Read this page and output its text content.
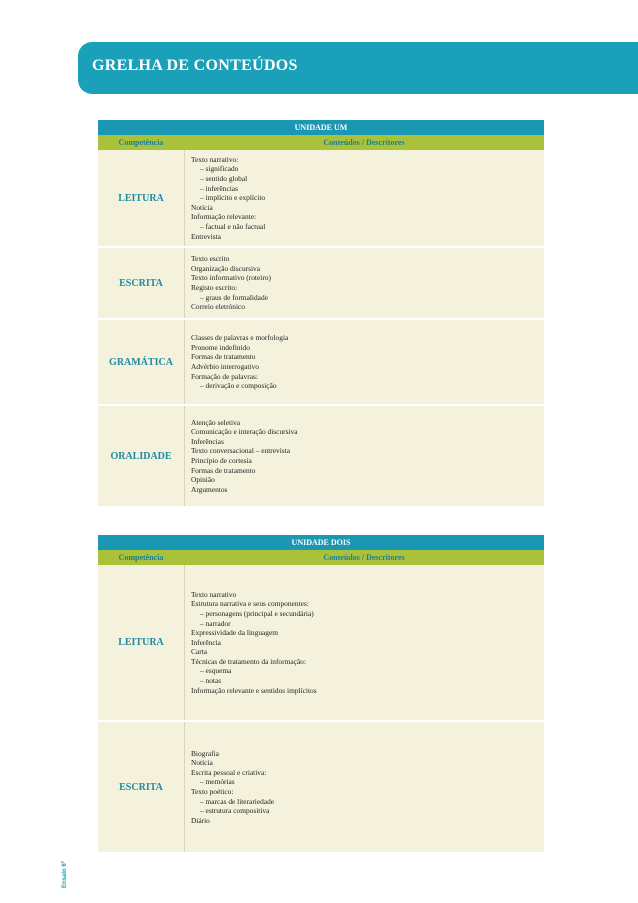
GRELHA DE CONTEÚDOS
UNIDADE UM
Competência	Conteúdos / Descritores
LEITURA
Texto narrativo:
– significado
– sentido global
– inferências
– implícito e explícito
Notícia
Informação relevante:
– factual e não factual
Entrevista
ESCRITA
Texto escrito
Organização discursiva
Texto informativo (roteiro)
Registo escrito:
– graus de formalidade
Correio eletrónico
GRAMÁTICA
Classes de palavras e morfologia
Pronome indefinido
Formas de tratamento
Advérbio interrogativo
Formação de palavras:
– derivação e composição
ORALIDADE
Atenção seletiva
Comunicação e interação discursiva
Inferências
Texto conversacional – entrevista
Princípio de cortesia
Formas de tratamento
Opinião
Argumentos
UNIDADE DOIS
Competência	Conteúdos / Descritores
LEITURA
Texto narrativo
Estrutura narrativa e seus componentes:
– personagens (principal e secundária)
– narrador
Expressividade da linguagem
Inferência
Carta
Técnicas de tratamento da informação:
– esquema
– notas
Informação relevante e sentidos implícitos
ESCRITA
Biografia
Notícia
Escrita pessoal e criativa:
– memórias
Texto poético:
– marcas de literariedade
– estrutura compositiva
Diário
Ensaio 6º
